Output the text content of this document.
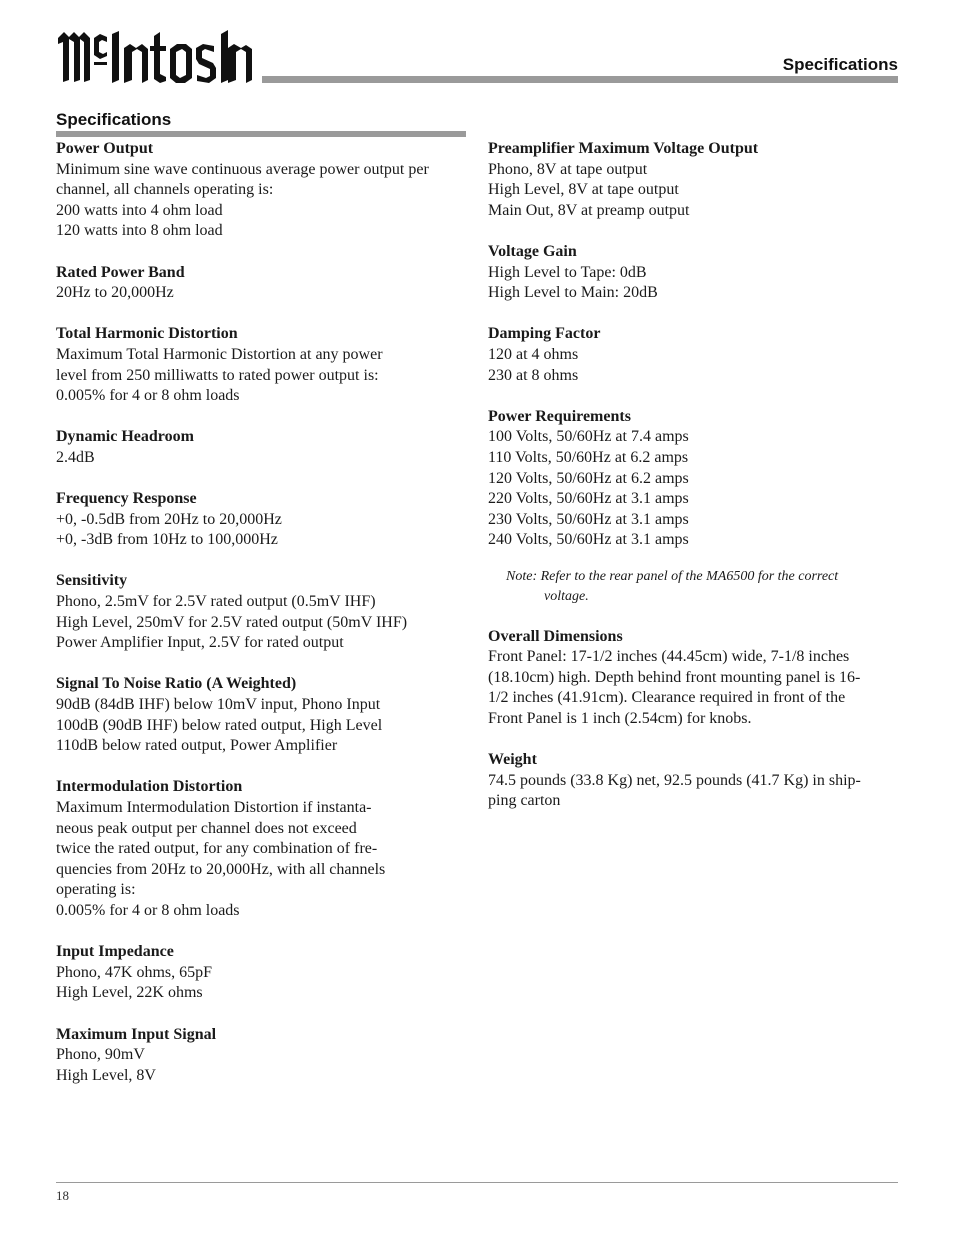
Specifications
Specifications
Power Output
Minimum sine wave continuous average power output per
channel, all channels operating is:
200 watts into 4 ohm load
120 watts into 8 ohm load
Rated Power Band
20Hz to 20,000Hz
Total Harmonic Distortion
Maximum Total Harmonic Distortion at any power
level from 250 milliwatts to rated power output is:
0.005% for 4 or 8 ohm loads
Dynamic Headroom
2.4dB
Frequency Response
+0, -0.5dB from 20Hz to 20,000Hz
+0, -3dB from 10Hz to 100,000Hz
Sensitivity
Phono, 2.5mV for 2.5V rated output (0.5mV IHF)
High Level, 250mV for 2.5V rated output (50mV IHF)
Power Amplifier Input, 2.5V for rated output
Signal To Noise Ratio (A Weighted)
90dB (84dB IHF) below 10mV input, Phono Input
100dB (90dB IHF) below rated output, High Level
110dB below rated output, Power Amplifier
Intermodulation Distortion
Maximum Intermodulation Distortion if instanta-
neous peak output per channel does not exceed
twice the rated output, for any combination of fre-
quencies from 20Hz to 20,000Hz, with all channels
operating is:
0.005% for 4 or 8 ohm loads
Input Impedance
Phono, 47K ohms, 65pF
High Level, 22K ohms
Maximum Input Signal
Phono, 90mV
High Level, 8V
Preamplifier Maximum Voltage Output
Phono, 8V at tape output
High Level, 8V at tape output
Main Out, 8V at preamp output
Voltage Gain
High Level to Tape: 0dB
High Level to Main: 20dB
Damping Factor
120 at 4 ohms
230 at 8 ohms
Power Requirements
100 Volts, 50/60Hz at 7.4 amps
110 Volts, 50/60Hz at 6.2 amps
120 Volts, 50/60Hz at 6.2 amps
220 Volts, 50/60Hz at 3.1 amps
230 Volts, 50/60Hz at 3.1 amps
240 Volts, 50/60Hz at 3.1 amps
Note: Refer to the rear panel of the MA6500 for the correct
voltage.
Overall Dimensions
Front Panel: 17-1/2 inches (44.45cm) wide, 7-1/8 inches
(18.10cm) high. Depth behind front mounting panel is 16-
1/2 inches (41.91cm). Clearance required in front of the
Front Panel is 1 inch (2.54cm) for knobs.
Weight
74.5 pounds (33.8 Kg) net, 92.5 pounds (41.7 Kg) in ship-
ping carton
18
